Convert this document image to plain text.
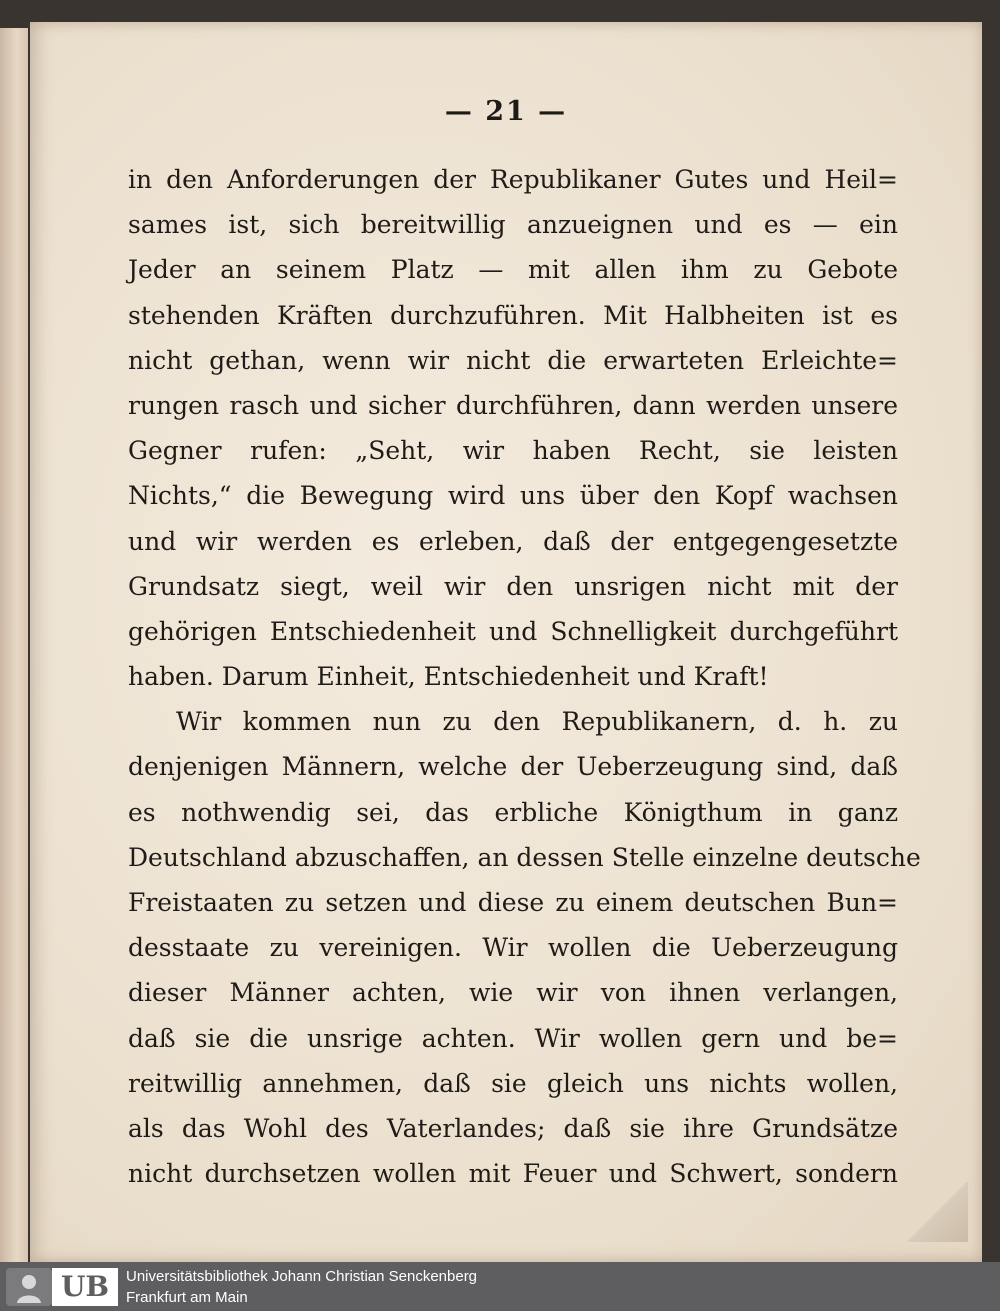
— 21 —
in den Anforderungen der Republikaner Gutes und Heil=
sames ist, sich bereitwillig anzueignen und es — ein
Jeder an seinem Platz — mit allen ihm zu Gebote
stehenden Kräften durchzuführen. Mit Halbheiten ist es
nicht gethan, wenn wir nicht die erwarteten Erleichte=
rungen rasch und sicher durchführen, dann werden unsere
Gegner rufen: „Seht, wir haben Recht, sie leisten
Nichts,“ die Bewegung wird uns über den Kopf wachsen
und wir werden es erleben, daß der entgegengesetzte
Grundsatz siegt, weil wir den unsrigen nicht mit der
gehörigen Entschiedenheit und Schnelligkeit durchgeführt
haben. Darum Einheit, Entschiedenheit und Kraft!
Wir kommen nun zu den Republikanern, d. h. zu
denjenigen Männern, welche der Ueberzeugung sind, daß
es nothwendig sei, das erbliche Königthum in ganz
Deutschland abzuschaffen, an dessen Stelle einzelne deutsche
Freistaaten zu setzen und diese zu einem deutschen Bun=
desstaate zu vereinigen. Wir wollen die Ueberzeugung
dieser Männer achten, wie wir von ihnen verlangen,
daß sie die unsrige achten. Wir wollen gern und be=
reitwillig annehmen, daß sie gleich uns nichts wollen,
als das Wohl des Vaterlandes; daß sie ihre Grundsätze
nicht durchsetzen wollen mit Feuer und Schwert, sondern
UB	Universitätsbibliothek Johann Christian Senckenberg
Frankfurt am Main
